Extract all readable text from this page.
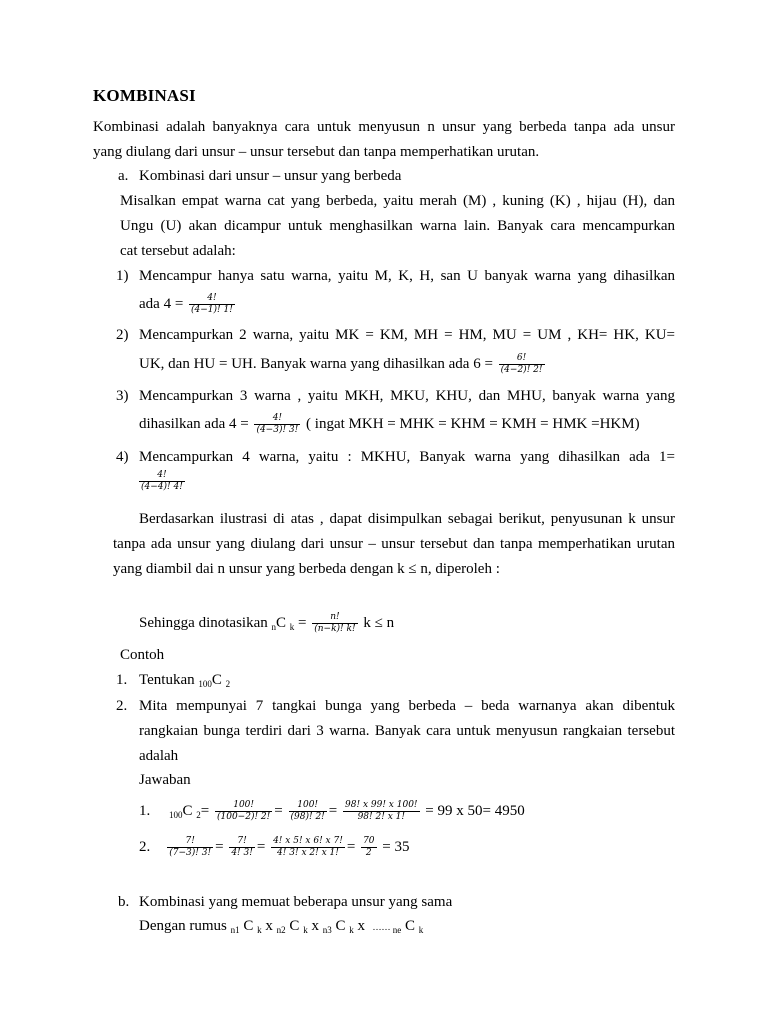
KOMBINASI
Kombinasi adalah banyaknya cara untuk menyusun n unsur yang berbeda tanpa ada unsur
yang diulang dari unsur – unsur tersebut dan tanpa memperhatikan urutan.
a. Kombinasi dari unsur – unsur yang berbeda
Misalkan empat warna cat yang berbeda, yaitu merah (M) , kuning (K) , hijau (H), dan
Ungu (U) akan dicampur untuk menghasilkan warna lain. Banyak cara mencampurkan
cat tersebut adalah:
1) Mencampur hanya satu warna, yaitu M, K, H, san U banyak warna yang dihasilkan
ada $4 = \frac{4!}{(4-1)! 1!}$
2) Mencampurkan 2 warna, yaitu MK = KM, MH = HM, MU = UM , KH= HK, KU=
UK, dan HU = UH. Banyak warna yang dihasilkan ada $6 = \frac{6!}{(4-2)! 2!}$
3) Mencampurkan 3 warna , yaitu MKH, MKU, KHU, dan MHU, banyak warna yang
dihasilkan ada $4 = \frac{4!}{(4-3)! 3!}$ ( ingat MKH = MHK = KHM = KMH = HMK =HKM)
4) Mencampurkan 4 warna, yaitu : MKHU, Banyak warna yang dihasilkan ada 1=
$\frac{4!}{(4-4)! 4!}$
Berdasarkan ilustrasi di atas , dapat disimpulkan sebagai berikut, penyusunan k unsur
tanpa ada unsur yang diulang dari unsur – unsur tersebut dan tanpa memperhatikan urutan
yang diambil dai n unsur yang berbeda dengan k ≤ n, diperoleh :
Sehingga dinotasikan $_n$C $_k = \frac{n!}{(n-k)! k!}$ k ≤ n
Contoh
1. Tentukan $_{100}$C $_2$
2. Mita mempunyai 7 tangkai bunga yang berbeda – beda warnanya akan dibentuk
rangkaian bunga terdiri dari 3 warna. Banyak cara untuk menyusun rangkaian tersebut
adalah
Jawaban
1. $_{100}$C $_2= \frac{100!}{(100-2)! 2!} = \frac{100!}{(98)! 2!} = \frac{98! x 99! x 100!}{98! 2! x 1!} = 99$ x 50= 4950
2. $\frac{7!}{(7-3)! 3!} = \frac{7!}{4! 3!} = \frac{4! x 5! x 6! x 7!}{4! 3! x 2! x 1!} = \frac{70}{2} = 35$
b. Kombinasi yang memuat beberapa unsur yang sama
Dengan rumus $_{n1}$ C $_k$ x $_{n2}$ C $_k$ x $_{n3}$ C $_k$ x …… $_{ne}$ C $_k$
